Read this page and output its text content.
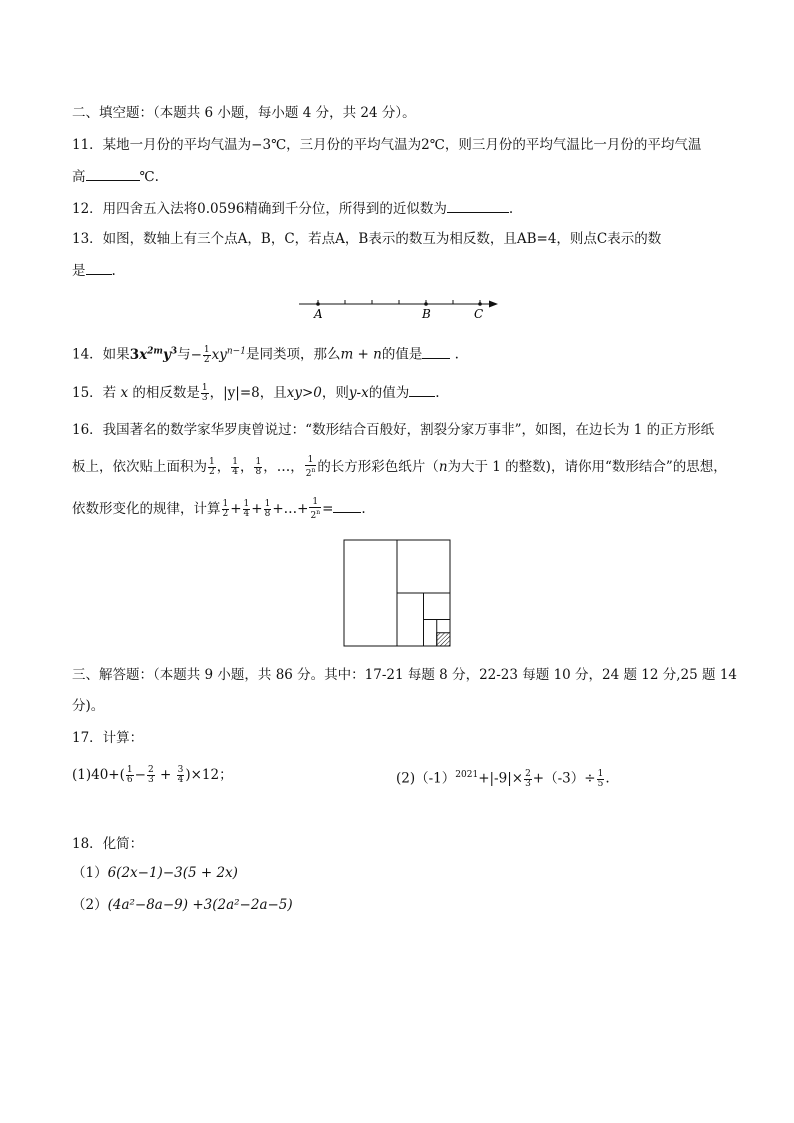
二、填空题：（本题共 6 小题，每小题 4 分，共 24 分）。
11．某地一月份的平均气温为−3℃，三月份的平均气温为2℃，则三月份的平均气温比一月份的平均气温
高	℃.
12．用四舍五入法将0.0596精确到千分位，所得到的近似数为	.
13．如图，数轴上有三个点A，B，C，若点A，B表示的数互为相反数，且AB=4，则点C表示的数
是 .
A	B	C
14．如果$3x^{2m}y^3$与− $\frac{1}{2} xy^{n-1}$是同类项，那么m + n的值是 .
15．若 x 的相反数是 $\frac{1}{3}$ ，|y|=8，且xy>0，则y-x的值为 .
16．我国著名的数学家华罗庚曾说过：“数形结合百般好，割裂分家万事非”，如图，在边长为 1 的正方形纸
板上，依次贴上面积为 $\frac{1}{2}$ ， $\frac{1}{4}$ ， $\frac{1}{8}$ ，…， $\frac{1}{2^n}$ 的长方形彩色纸片（n为大于 1 的整数)，请你用“数形结合”的思想，
依数形变化的规律，计算 $\frac{1}{2} + \frac{1}{4} + \frac{1}{8}$ +…+ $\frac{1}{2^n}$ = .
三、解答题：（本题共 9 小题，共 86 分。其中：17-21 每题 8 分，22-23 每题 10 分，24 题 12 分,25 题 14
分)。
17．计算：
$(1)40+( \frac{1}{6} - \frac{2}{3} + \frac{3}{4} )\times 12$；	$(2)(-1)^{2021}+|-9|\times \frac{2}{3} +(-3)\div \frac{1}{5}$ .
18．化简：
（1）6(2x−1)−3(5 + 2x)
（2）(4a²−8a−9) +3(2a²−2a−5)
